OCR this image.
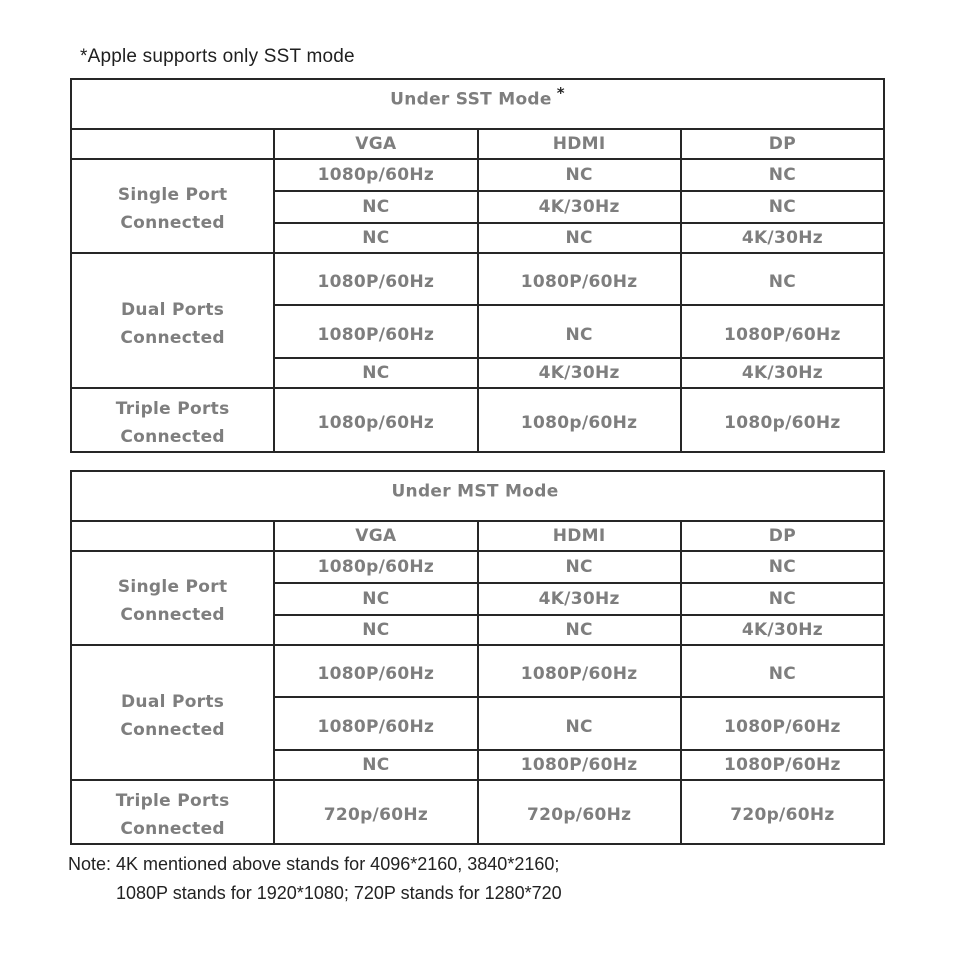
*Apple supports only SST mode
Under SST Mode *			
	VGA	HDMI	DP

Single Port
Connected	1080p/60Hz	NC	NC
	NC	4K/30Hz	NC
	NC	NC	4K/30Hz

Dual Ports
Connected	1080P/60Hz	1080P/60Hz	NC
	1080P/60Hz	NC	1080P/60Hz
	NC	4K/30Hz	4K/30Hz

Triple Ports
Connected	1080p/60Hz	1080p/60Hz	1080p/60Hz
Under MST Mode			
	VGA	HDMI	DP

Single Port
Connected	1080p/60Hz	NC	NC
	NC	4K/30Hz	NC
	NC	NC	4K/30Hz

Dual Ports
Connected	1080P/60Hz	1080P/60Hz	NC
	1080P/60Hz	NC	1080P/60Hz
	NC	1080P/60Hz	1080P/60Hz

Triple Ports
Connected	720p/60Hz	720p/60Hz	720p/60Hz
Note: 4K mentioned above stands for 4096*2160, 3840*2160;
1080P stands for 1920*1080; 720P stands for 1280*720
